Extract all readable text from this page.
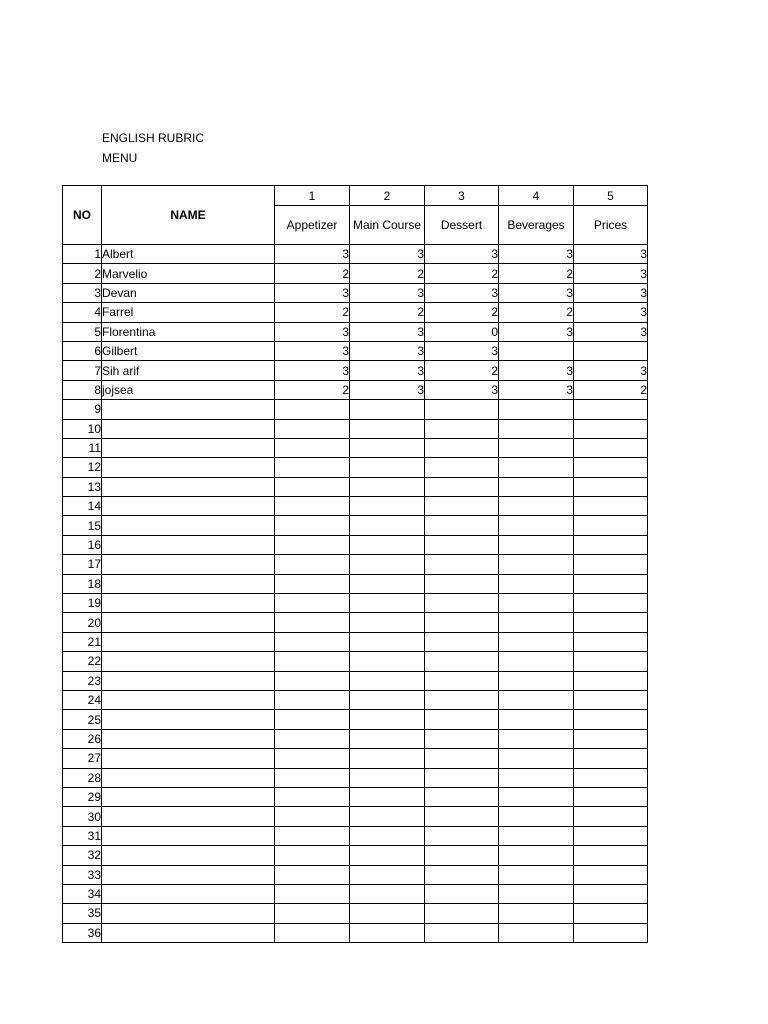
ENGLISH RUBRIC
MENU
NO	NAME	1	2	3	4	5
		Appetizer	Main Course	Dessert	Beverages	Prices
1	Albert	3	3	3	3	3
2	Marvelio	2	2	2	2	3
3	Devan	3	3	3	3	3
4	Farrel	2	2	2	2	3
5	Florentina	3	3	0	3	3
6	Gilbert	3	3	3		
7	Sih arif	3	3	2	3	3
8	jojsea	2	3	3	3	2
9						
10						
11						
12						
13						
14						
15						
16						
17						
18						
19						
20						
21						
22						
23						
24						
25						
26						
27						
28						
29						
30						
31						
32						
33						
34						
35						
36						
